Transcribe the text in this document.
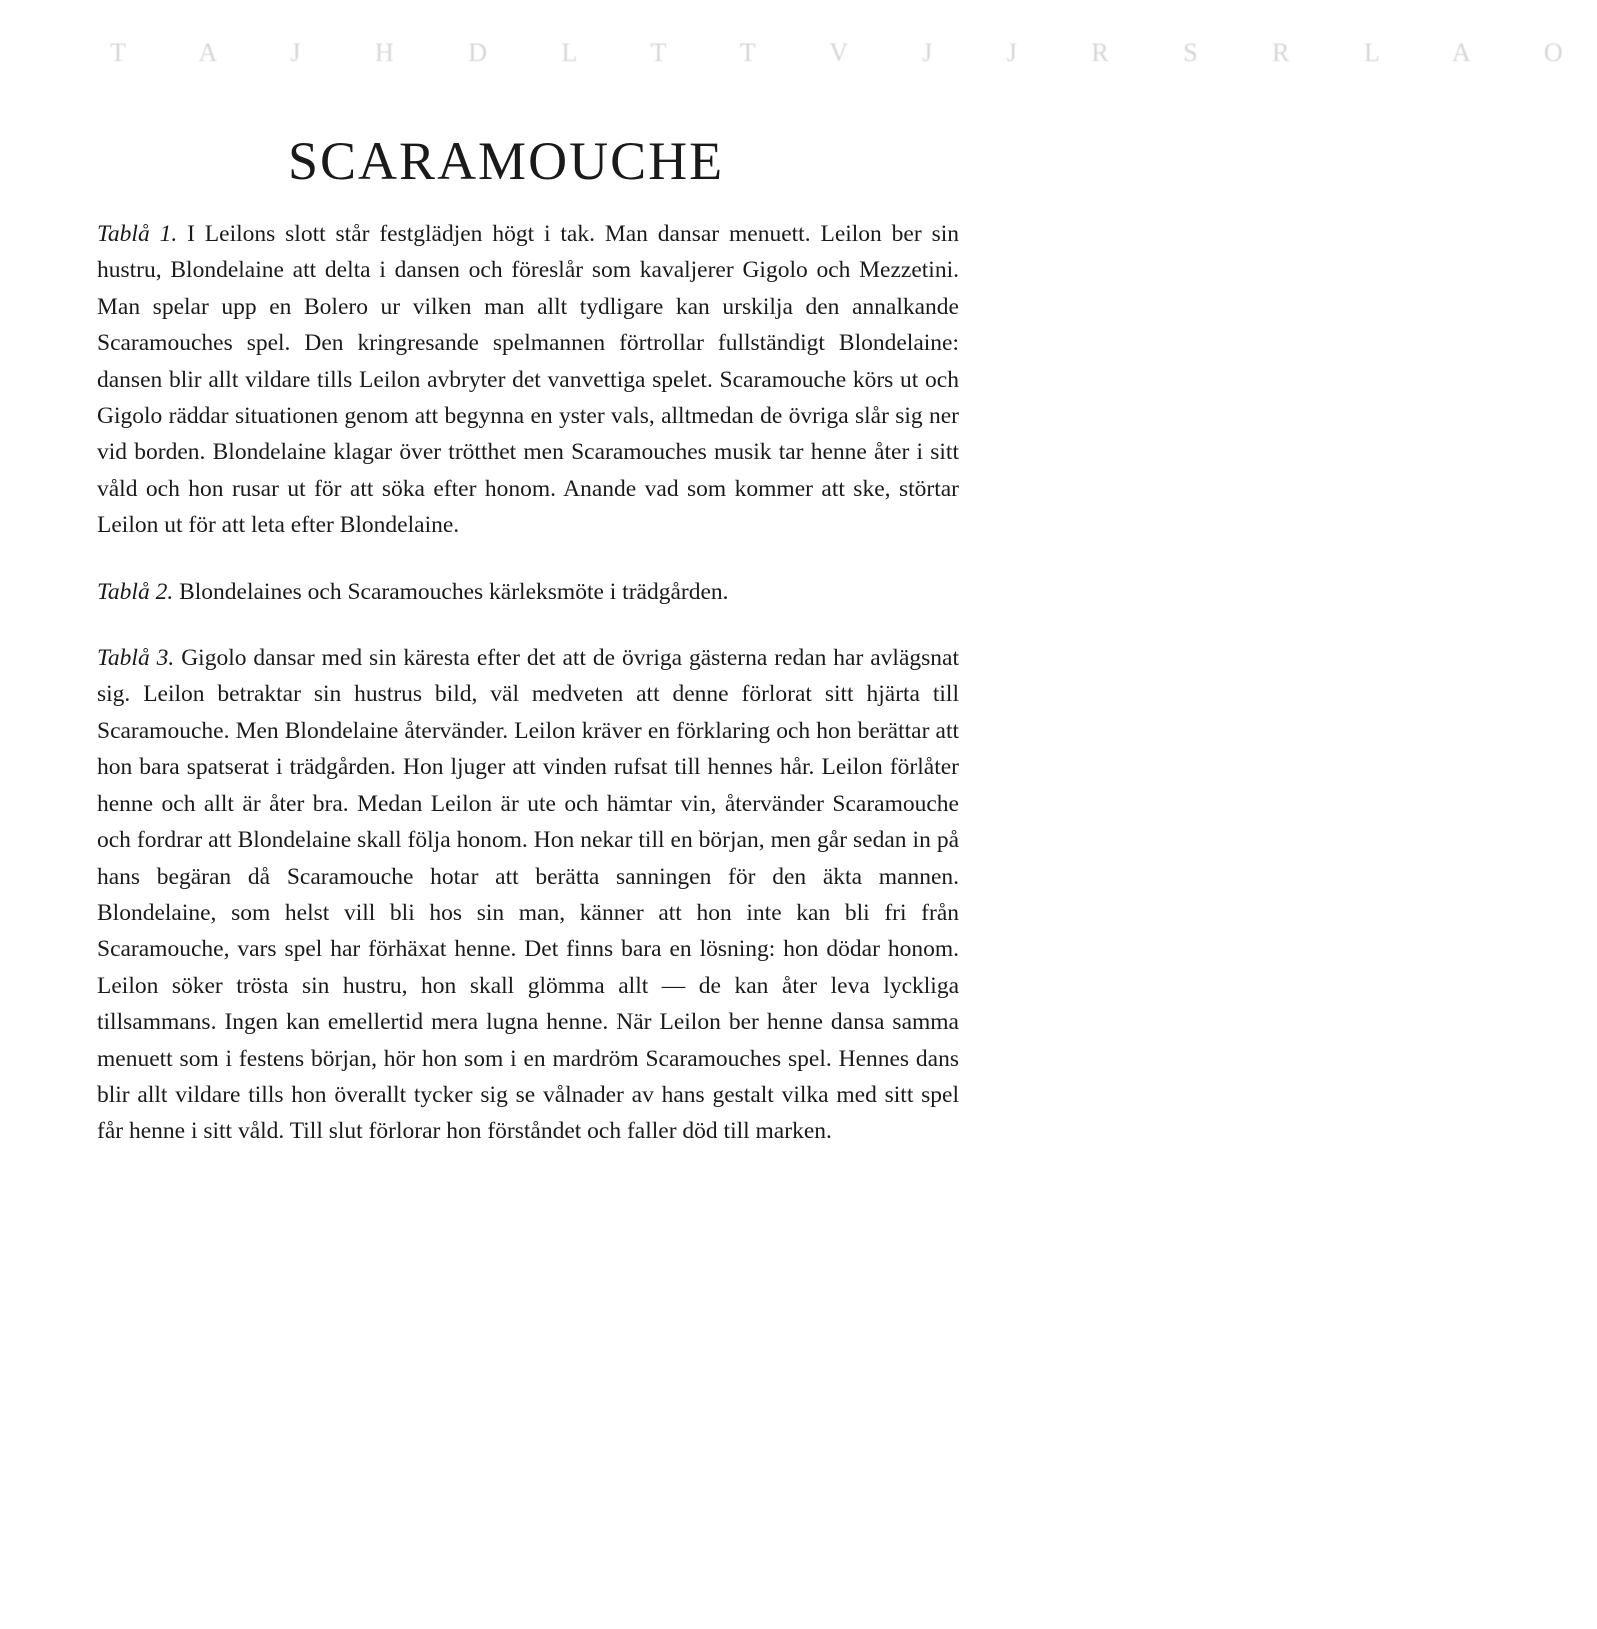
T A J H D L T T V J J R S R L A O
SCARAMOUCHE

Tablå 1. I Leilons slott står festglädjen högt i tak. Man dansar menuett. Leilon ber sin hustru, Blondelaine att delta i dansen och föreslår som kavaljerer Gigolo och Mezzetini. Man spelar upp en Bolero ur vilken man allt tydligare kan urskilja den annalkande Scaramouches spel. Den kringresande spelmannen förtrollar fullständigt Blondelaine: dansen blir allt vildare tills Leilon avbryter det vanvettiga spelet. Scaramouche körs ut och Gigolo räddar situationen genom att begynna en yster vals, alltmedan de övriga slår sig ner vid borden. Blondelaine klagar över trötthet men Scaramouches musik tar henne åter i sitt våld och hon rusar ut för att söka efter honom. Anande vad som kommer att ske, störtar Leilon ut för att leta efter Blondelaine.

Tablå 2. Blondelaines och Scaramouches kärleksmöte i trädgården.

Tablå 3. Gigolo dansar med sin käresta efter det att de övriga gästerna redan har avlägsnat sig. Leilon betraktar sin hustrus bild, väl medveten att denne förlorat sitt hjärta till Scaramouche. Men Blondelaine återvänder. Leilon kräver en förklaring och hon berättar att hon bara spatserat i trädgården. Hon ljuger att vinden rufsat till hennes hår. Leilon förlåter henne och allt är åter bra. Medan Leilon är ute och hämtar vin, återvänder Scaramouche och fordrar att Blondelaine skall följa honom. Hon nekar till en början, men går sedan in på hans begäran då Scaramouche hotar att berätta sanningen för den äkta mannen. Blondelaine, som helst vill bli hos sin man, känner att hon inte kan bli fri från Scaramouche, vars spel har förhäxat henne. Det finns bara en lösning: hon dödar honom. Leilon söker trösta sin hustru, hon skall glömma allt — de kan åter leva lyckliga tillsammans. Ingen kan emellertid mera lugna henne. När Leilon ber henne dansa samma menuett som i festens början, hör hon som i en mardröm Scaramouches spel. Hennes dans blir allt vildare tills hon överallt tycker sig se vålnader av hans gestalt vilka med sitt spel får henne i sitt våld. Till slut förlorar hon förståndet och faller död till marken.
